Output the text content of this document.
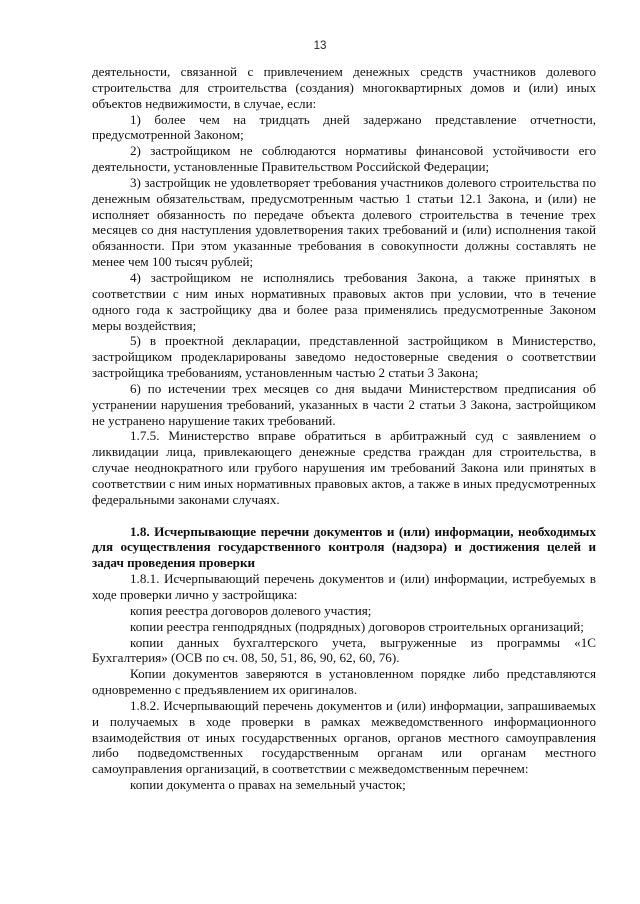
13

деятельности, связанной с привлечением денежных средств участников долевого строительства для строительства (создания) многоквартирных домов и (или) иных объектов недвижимости, в случае, если:

1) более чем на тридцать дней задержано представление отчетности, предусмотренной Законом;

2) застройщиком не соблюдаются нормативы финансовой устойчивости его деятельности, установленные Правительством Российской Федерации;

3) застройщик не удовлетворяет требования участников долевого строительства по денежным обязательствам, предусмотренным частью 1 статьи 12.1 Закона, и (или) не исполняет обязанность по передаче объекта долевого строительства в течение трех месяцев со дня наступления удовлетворения таких требований и (или) исполнения такой обязанности. При этом указанные требования в совокупности должны составлять не менее чем 100 тысяч рублей;

4) застройщиком не исполнялись требования Закона, а также принятых в соответствии с ним иных нормативных правовых актов при условии, что в течение одного года к застройщику два и более раза применялись предусмотренные Законом меры воздействия;

5) в проектной декларации, представленной застройщиком в Министерство, застройщиком продекларированы заведомо недостоверные сведения о соответствии застройщика требованиям, установленным частью 2 статьи 3 Закона;

6) по истечении трех месяцев со дня выдачи Министерством предписания об устранении нарушения требований, указанных в части 2 статьи 3 Закона, застройщиком не устранено нарушение таких требований.

1.7.5. Министерство вправе обратиться в арбитражный суд с заявлением о ликвидации лица, привлекающего денежные средства граждан для строительства, в случае неоднократного или грубого нарушения им требований Закона или принятых в соответствии с ним иных нормативных правовых актов, а также в иных предусмотренных федеральными законами случаях.

1.8. Исчерпывающие перечни документов и (или) информации, необходимых для осуществления государственного контроля (надзора) и достижения целей и задач проведения проверки

1.8.1. Исчерпывающий перечень документов и (или) информации, истребуемых в ходе проверки лично у застройщика:

копия реестра договоров долевого участия;

копии реестра генподрядных (подрядных) договоров строительных организаций;

копии данных бухгалтерского учета, выгруженные из программы «1С Бухгалтерия» (ОСВ по сч. 08, 50, 51, 86, 90, 62, 60, 76).

Копии документов заверяются в установленном порядке либо представляются одновременно с предъявлением их оригиналов.

1.8.2. Исчерпывающий перечень документов и (или) информации, запрашиваемых и получаемых в ходе проверки в рамках межведомственного информационного взаимодействия от иных государственных органов, органов местного самоуправления либо подведомственных государственным органам или органам местного самоуправления организаций, в соответствии с межведомственным перечнем:

копии документа о правах на земельный участок;
